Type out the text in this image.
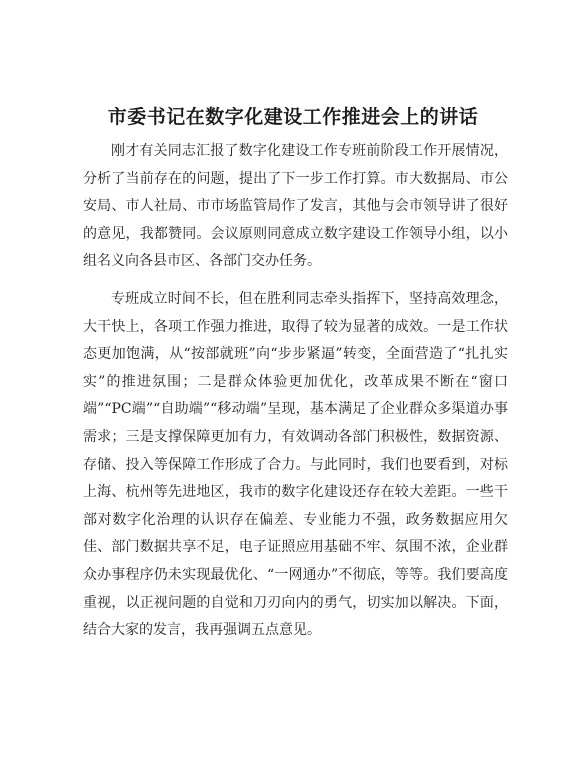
市委书记在数字化建设工作推进会上的讲话

刚才有关同志汇报了数字化建设工作专班前阶段工作开展情况，分析了当前存在的问题，提出了下一步工作打算。市大数据局、市公安局、市人社局、市市场监管局作了发言，其他与会市领导讲了很好的意见，我都赞同。会议原则同意成立数字建设工作领导小组，以小组名义向各县市区、各部门交办任务。

专班成立时间不长，但在胜利同志牵头指挥下，坚持高效理念，大干快上，各项工作强力推进，取得了较为显著的成效。一是工作状态更加饱满，从“按部就班”向“步步紧逼”转变，全面营造了“扎扎实实”的推进氛围；二是群众体验更加优化，改革成果不断在“窗口端”“PC端”“自助端”“移动端”呈现，基本满足了企业群众多渠道办事需求；三是支撑保障更加有力，有效调动各部门积极性，数据资源、存储、投入等保障工作形成了合力。与此同时，我们也要看到，对标上海、杭州等先进地区，我市的数字化建设还存在较大差距。一些干部对数字化治理的认识存在偏差、专业能力不强，政务数据应用欠佳、部门数据共享不足，电子证照应用基础不牢、氛围不浓，企业群众办事程序仍未实现最优化、“一网通办”不彻底，等等。我们要高度重视，以正视问题的自觉和刀刃向内的勇气，切实加以解决。下面，结合大家的发言，我再强调五点意见。
